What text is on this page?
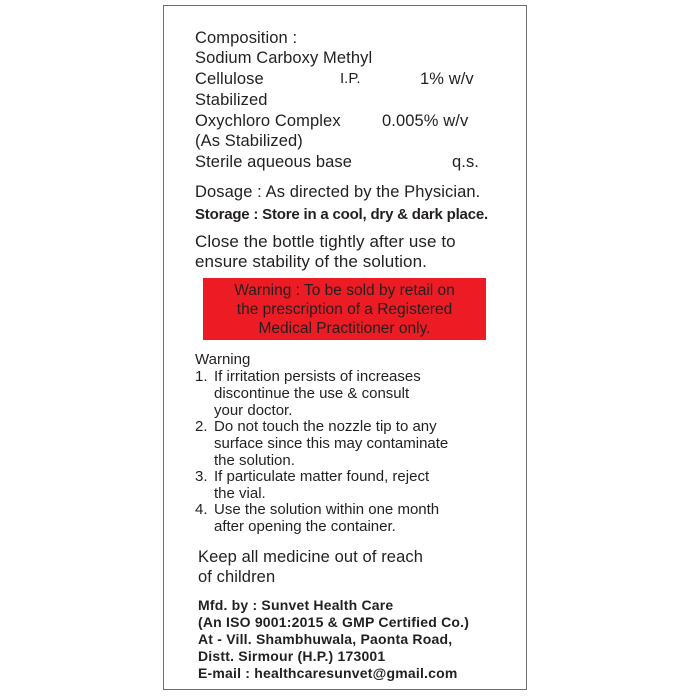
Composition :
Sodium Carboxy Methyl
Cellulose	I.P.	1% w/v
Stabilized
Oxychloro Complex	0.005% w/v
(As Stabilized)
Sterile aqueous base	q.s.
Dosage : As directed by the Physician.
Storage : Store in a cool, dry & dark place.
Close the bottle tightly after use to
ensure stability of the solution.
Warning : To be sold by retail on
the prescription of a Registered
Medical Practitioner only.
Warning
1. If irritation persists of increases
discontinue the use & consult
your doctor.
2. Do not touch the nozzle tip to any
surface since this may contaminate
the solution.
3. If particulate matter found, reject
the vial.
4. Use the solution within one month
after opening the container.
Keep all medicine out of reach
of children
Mfd. by : Sunvet Health Care
(An ISO 9001:2015 & GMP Certified Co.)
At - Vill. Shambhuwala, Paonta Road,
Distt. Sirmour (H.P.) 173001
E-mail : healthcaresunvet@gmail.com
